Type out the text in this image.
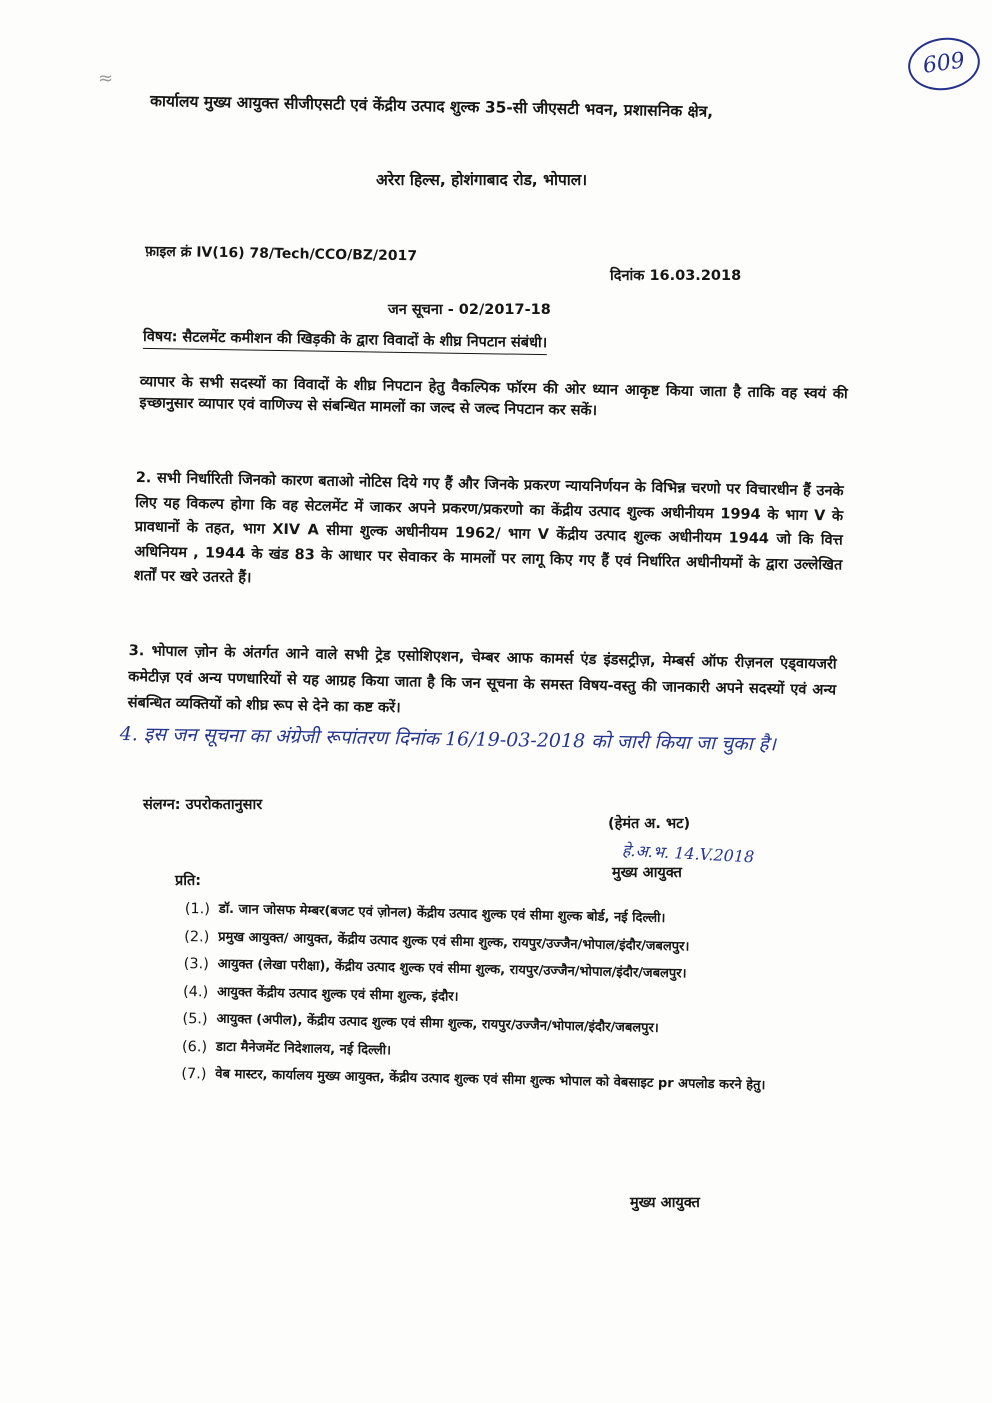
609
≈

कार्यालय मुख्य आयुक्त सीजीएसटी एवं केंद्रीय उत्पाद शुल्क 35-सी जीएसटी भवन, प्रशासनिक क्षेत्र,

अरेरा हिल्स, होशंगाबाद रोड, भोपाल।

फ़ाइल क्रं IV(16) 78/Tech/CCO/BZ/2017

दिनांक 16.03.2018

जन सूचना - 02/2017-18

विषय: सैटलमेंट कमीशन की खिड़की के द्वारा विवादों के शीघ्र निपटान संबंधी।

व्यापार के सभी सदस्यों का विवादों के शीघ्र निपटान हेतु वैकल्पिक फॉरम की ओर ध्यान आकृष्ट किया जाता है ताकि वह स्वयं की इच्छानुसार व्यापार एवं वाणिज्य से संबन्धित मामलों का जल्द से जल्द निपटान कर सकें।

2. सभी निर्धारिती जिनको कारण बताओ नोटिस दिये गए हैं और जिनके प्रकरण न्यायनिर्णयन के विभिन्न चरणो पर विचारधीन हैं उनके लिए यह विकल्प होगा कि वह सेटलमेंट में जाकर अपने प्रकरण/प्रकरणो का केंद्रीय उत्पाद शुल्क अधीनीयम 1994 के भाग V के प्रावधानों के तहत, भाग XIV A सीमा शुल्क अधीनीयम 1962/ भाग V केंद्रीय उत्पाद शुल्क अधीनीयम 1944 जो कि वित्त अधिनियम , 1944 के खंड 83 के आधार पर सेवाकर के मामलों पर लागू किए गए हैं एवं निर्धारित अधीनीयमों के द्वारा उल्लेखित शर्तों पर खरे उतरते हैं।

3. भोपाल ज़ोन के अंतर्गत आने वाले सभी ट्रेड एसोशिएशन, चेम्बर आफ कामर्स एंड इंडसट्रीज़, मेम्बर्स ऑफ रीज़नल एड्वायजरी कमेटीज़ एवं अन्य पणधारियों से यह आग्रह किया जाता है कि जन सूचना के समस्त विषय-वस्तु की जानकारी अपने सदस्यों एवं अन्य संबन्धित व्यक्तियों को शीघ्र रूप से देने का कष्ट करें।

4. इस जन सूचना का अंग्रेजी रूपांतरण दिनांक 16/19-03-2018 को जारी किया जा चुका है।

संलग्न: उपरोकतानुसार

(हेमंत अ. भट)

हे.अ.भ. 14.V.2018

मुख्य आयुक्त

प्रति:

(1.) डॉ. जान जोसफ मेम्बर(बजट एवं ज़ोनल) केंद्रीय उत्पाद शुल्क एवं सीमा शुल्क बोर्ड, नई दिल्ली।
(2.) प्रमुख आयुक्त/ आयुक्त, केंद्रीय उत्पाद शुल्क एवं सीमा शुल्क, रायपुर/उज्जैन/भोपाल/इंदौर/जबलपुर।
(3.) आयुक्त (लेखा परीक्षा), केंद्रीय उत्पाद शुल्क एवं सीमा शुल्क, रायपुर/उज्जैन/भोपाल/इंदौर/जबलपुर।
(4.) आयुक्त केंद्रीय उत्पाद शुल्क एवं सीमा शुल्क, इंदौर।
(5.) आयुक्त (अपील), केंद्रीय उत्पाद शुल्क एवं सीमा शुल्क, रायपुर/उज्जैन/भोपाल/इंदौर/जबलपुर।
(6.) डाटा मैनेजमेंट निदेशालय, नई दिल्ली।
(7.) वेब मास्टर, कार्यालय मुख्य आयुक्त, केंद्रीय उत्पाद शुल्क एवं सीमा शुल्क भोपाल को वेबसाइट pr अपलोड करने हेतु।

मुख्य आयुक्त
